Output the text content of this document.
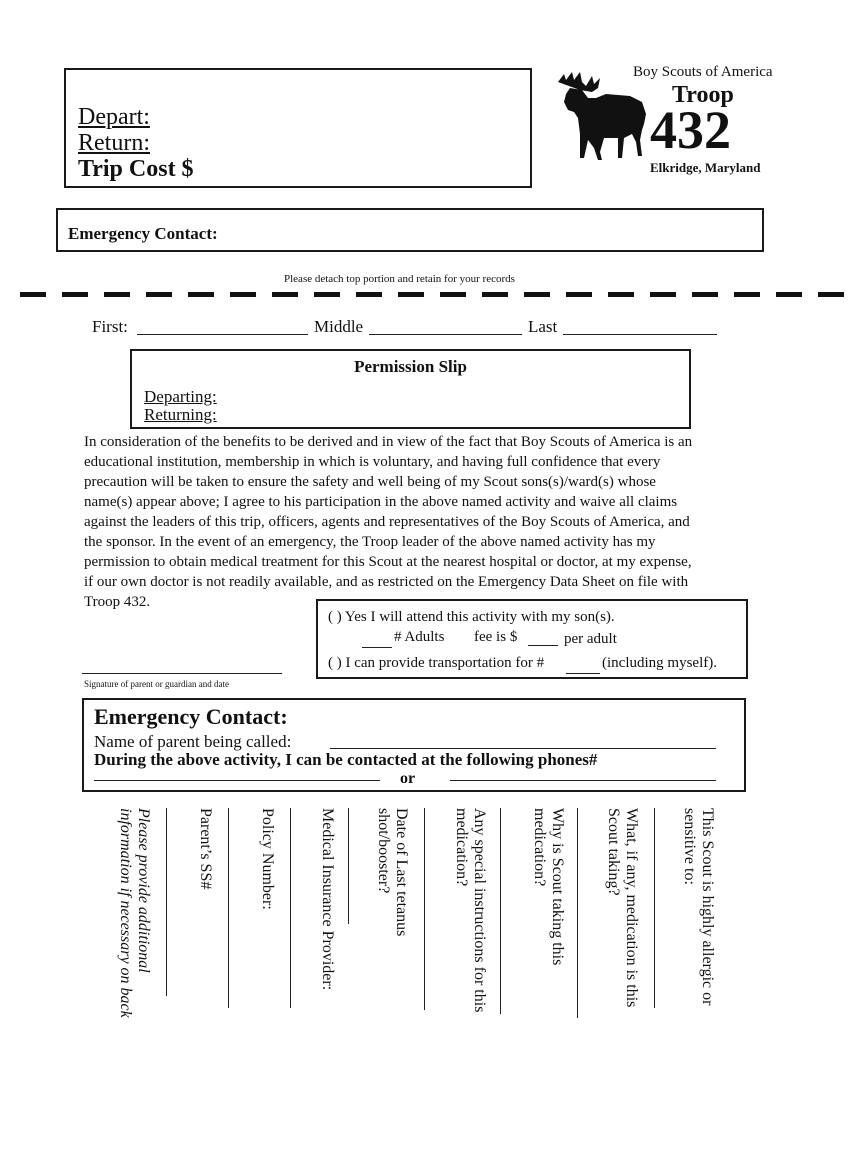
Depart:
Return:
Trip Cost $
Boy Scouts of America
Troop
432
Elkridge, Maryland
Emergency Contact:
Please detach top portion and retain for your records
First:	Middle	Last
Permission Slip
Departing:
Returning:
In consideration of the benefits to be derived and in view of the fact that Boy Scouts of America is an
educational institution, membership in which is voluntary, and having full confidence that every
precaution will be taken to ensure the safety and well being of my Scout sons(s)/ward(s) whose
name(s) appear above; I agree to his participation in the above named activity and waive all claims
against the leaders of this trip, officers, agents and representatives of the Boy Scouts of America, and
the sponsor. In the event of an emergency, the Troop leader of the above named activity has my
permission to obtain medical treatment for this Scout at the nearest hospital or doctor, at my expense,
if our own doctor is not readily available, and as restricted on the Emergency Data Sheet on file with
Troop 432.
( ) Yes I will attend this activity with my son(s).
# Adults fee is $	per adult
( ) I can provide transportation for #	(including myself).
Signature of parent or guardian and date
Emergency Contact:
Name of parent being called:
During the above activity, I can be contacted at the following phones#
or
This Scout is highly allergic or
sensitive to:
What, if any, medication is this
Scout taking?
Why is Scout taking this
medication?
Any special instructions for this
medication?
Date of Last tetanus
shot/booster?
Medical Insurance Provider:
Policy Number:
Parent’s SS#
Please provide additional
information if necessary on back
